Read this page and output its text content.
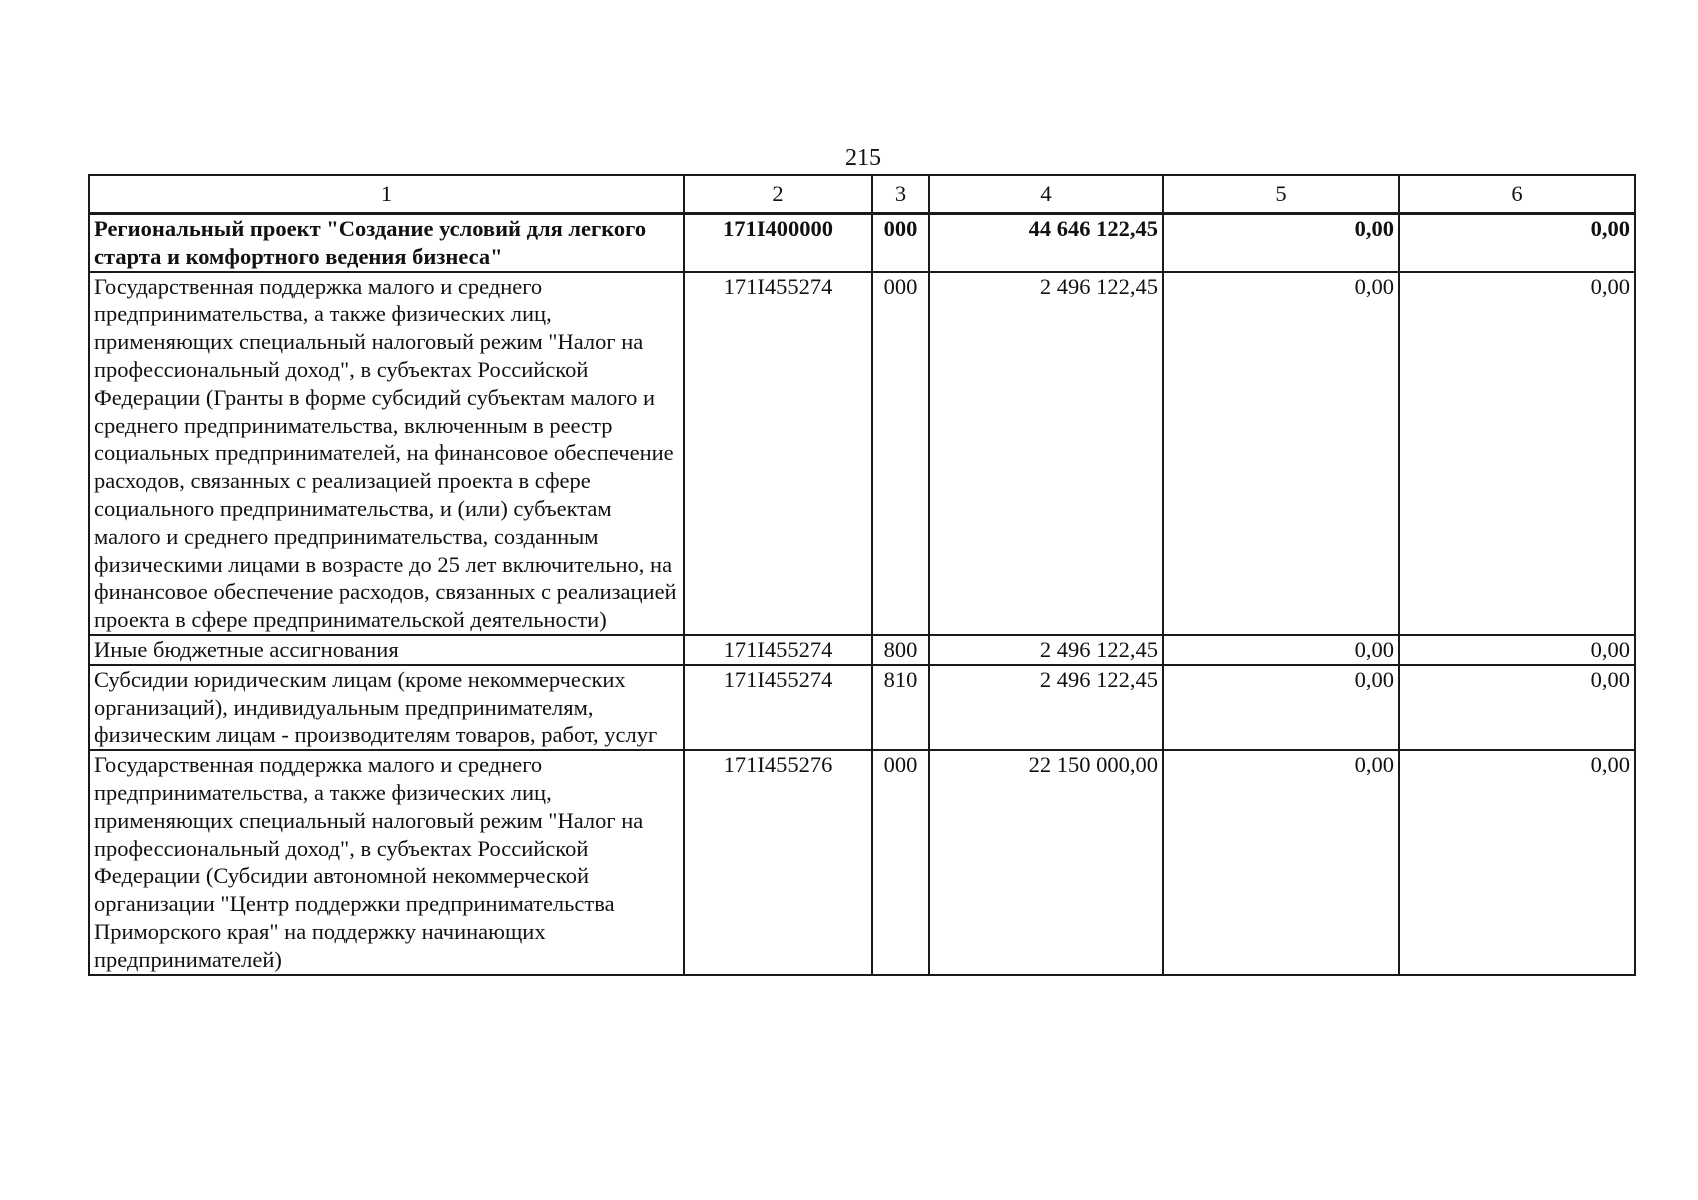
215
1	2	3	4	5	6
Региональный проект "Создание условий для легкого старта и комфортного ведения бизнеса"	171I400000	000	44 646 122,45	0,00	0,00
Государственная поддержка малого и среднего предпринимательства, а также физических лиц, применяющих специальный налоговый режим "Налог на профессиональный доход", в субъектах Российской Федерации (Гранты в форме субсидий субъектам малого и среднего предпринимательства, включенным в реестр социальных предпринимателей, на финансовое обеспечение расходов, связанных с реализацией проекта в сфере социального предпринимательства, и (или) субъектам малого и среднего предпринимательства, созданным физическими лицами в возрасте до 25 лет включительно, на финансовое обеспечение расходов, связанных с реализацией проекта в сфере предпринимательской деятельности)	171I455274	000	2 496 122,45	0,00	0,00
Иные бюджетные ассигнования	171I455274	800	2 496 122,45	0,00	0,00
Субсидии юридическим лицам (кроме некоммерческих организаций), индивидуальным предпринимателям, физическим лицам - производителям товаров, работ, услуг	171I455274	810	2 496 122,45	0,00	0,00
Государственная поддержка малого и среднего предпринимательства, а также физических лиц, применяющих специальный налоговый режим "Налог на профессиональный доход", в субъектах Российской Федерации (Субсидии автономной некоммерческой организации "Центр поддержки предпринимательства Приморского края" на поддержку начинающих предпринимателей)	171I455276	000	22 150 000,00	0,00	0,00
